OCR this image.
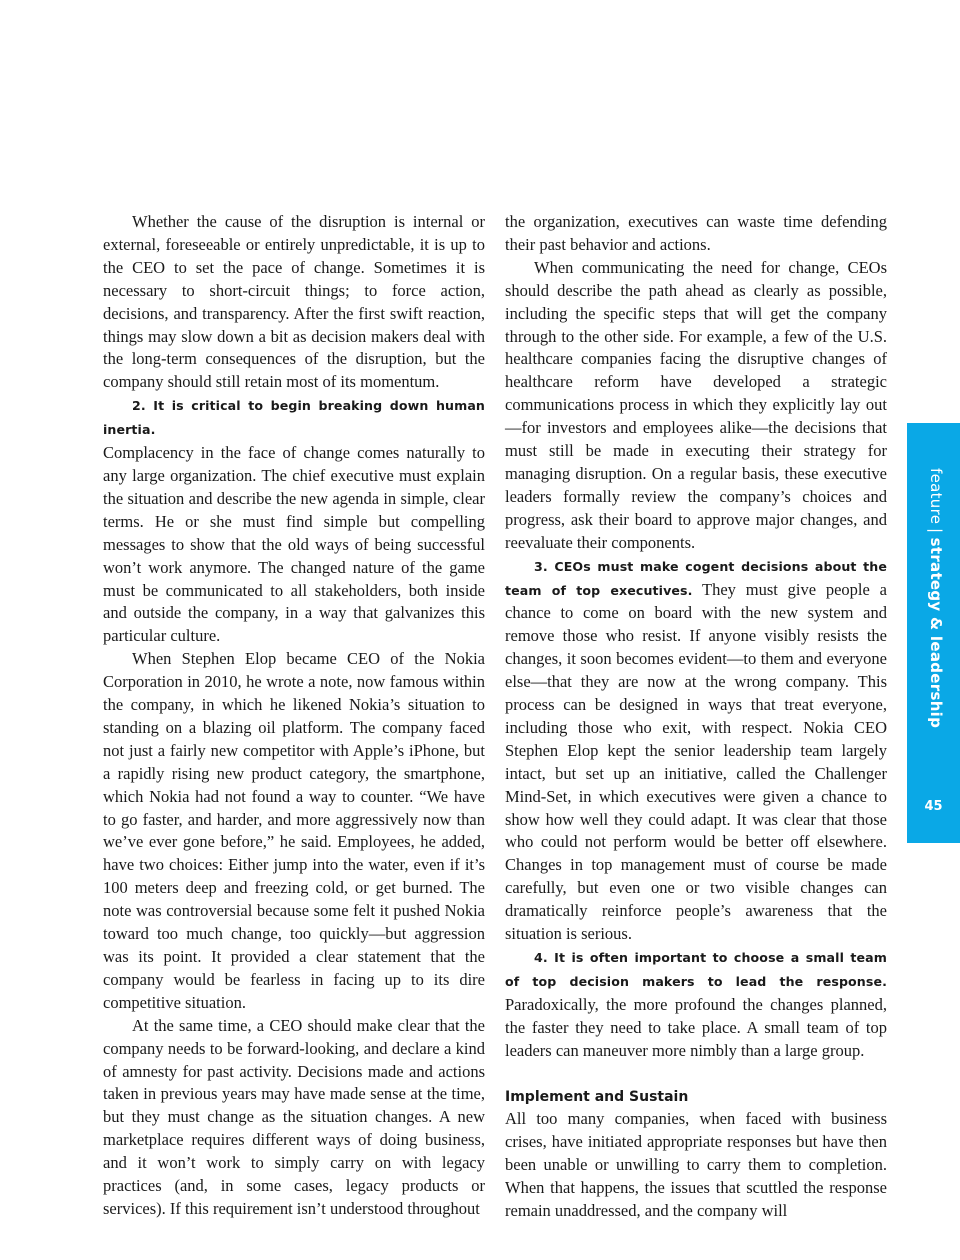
Whether the cause of the disruption is internal or external, foreseeable or entirely unpredictable, it is up to the CEO to set the pace of change. Sometimes it is necessary to short-circuit things; to force action, decisions, and transparency. After the first swift reaction, things may slow down a bit as decision makers deal with the long-term consequences of the disruption, but the company should still retain most of its momentum.

2. It is critical to begin breaking down human inertia.
Complacency in the face of change comes naturally to any large organization. The chief executive must explain the situation and describe the new agenda in simple, clear terms. He or she must find simple but compelling messages to show that the old ways of being successful won’t work anymore. The changed nature of the game must be communicated to all stakeholders, both inside and outside the company, in a way that galvanizes this particular culture.

When Stephen Elop became CEO of the Nokia Corporation in 2010, he wrote a note, now famous within the company, in which he likened Nokia’s situation to standing on a blazing oil platform. The company faced not just a fairly new competitor with Apple’s iPhone, but a rapidly rising new product category, the smartphone, which Nokia had not found a way to counter. “We have to go faster, and harder, and more aggressively now than we’ve ever gone before,” he said. Employees, he added, have two choices: Either jump into the water, even if it’s 100 meters deep and freezing cold, or get burned. The note was controversial because some felt it pushed Nokia toward too much change, too quickly—but aggression was its point. It provided a clear statement that the company would be fearless in facing up to its dire competitive situation.

At the same time, a CEO should make clear that the company needs to be forward-looking, and declare a kind of amnesty for past activity. Decisions made and actions taken in previous years may have made sense at the time, but they must change as the situation changes. A new marketplace requires different ways of doing business, and it won’t work to simply carry on with legacy practices (and, in some cases, legacy products or services). If this requirement isn’t understood throughout

the organization, executives can waste time defending their past behavior and actions.

When communicating the need for change, CEOs should describe the path ahead as clearly as possible, including the specific steps that will get the company through to the other side. For example, a few of the U.S. healthcare companies facing the disruptive changes of healthcare reform have developed a strategic communications process in which they explicitly lay out—for investors and employees alike—the decisions that must still be made in executing their strategy for managing disruption. On a regular basis, these executive leaders formally review the company’s choices and progress, ask their board to approve major changes, and reevaluate their components.

3. CEOs must make cogent decisions about the team of top executives. They must give people a chance to come on board with the new system and remove those who resist. If anyone visibly resists the changes, it soon becomes evident—to them and everyone else—that they are now at the wrong company. This process can be designed in ways that treat everyone, including those who exit, with respect. Nokia CEO Stephen Elop kept the senior leadership team largely intact, but set up an initiative, called the Challenger Mind-Set, in which executives were given a chance to show how well they could adapt. It was clear that those who could not perform would be better off elsewhere. Changes in top management must of course be made carefully, but even one or two visible changes can dramatically reinforce people’s awareness that the situation is serious.

4. It is often important to choose a small team of top decision makers to lead the response. Paradoxically, the more profound the changes planned, the faster they need to take place. A small team of top leaders can maneuver more nimbly than a large group.

Implement and Sustain

All too many companies, when faced with business crises, have initiated appropriate responses but have then been unable or unwilling to carry them to completion. When that happens, the issues that scuttled the response remain unaddressed, and the company will

feature|strategy & leadership
45
